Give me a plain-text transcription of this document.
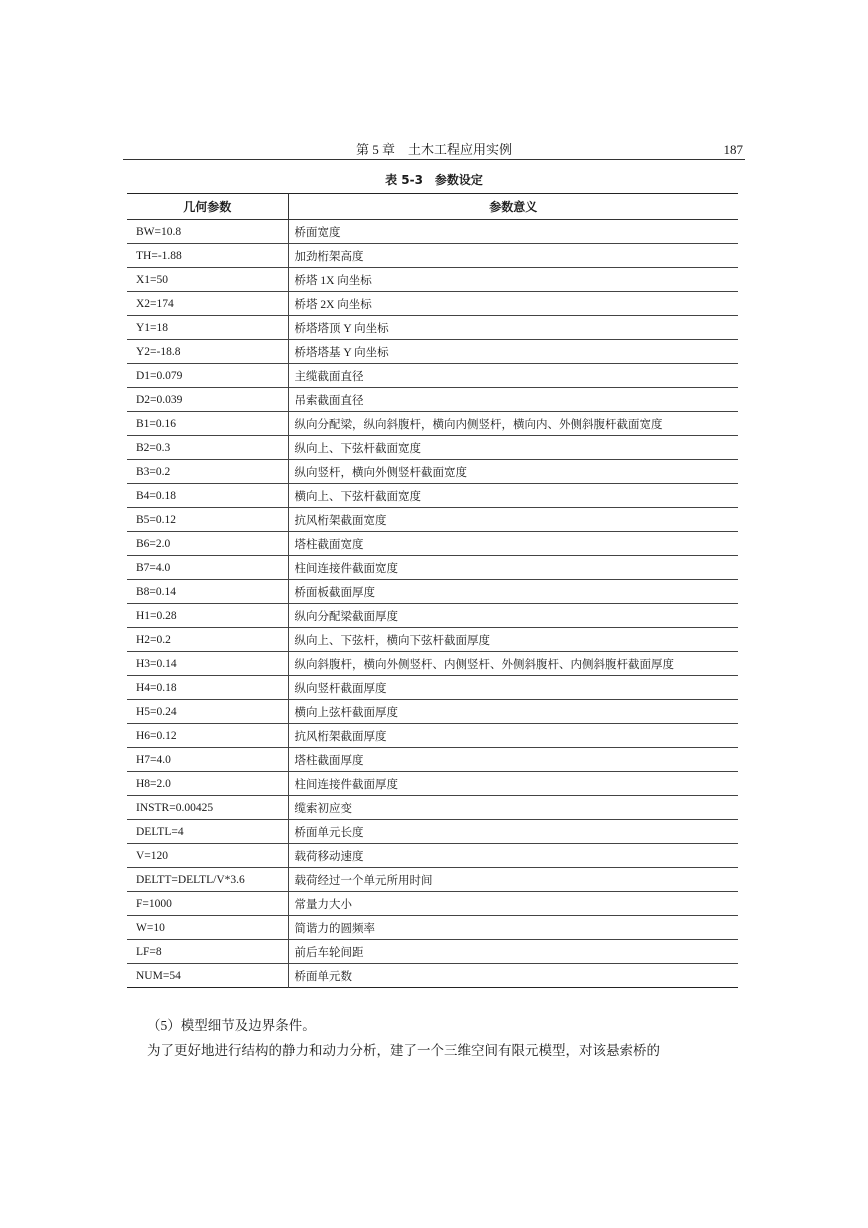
第 5 章　土木工程应用实例	187
表 5-3　参数设定
几何参数	参数意义
BW=10.8	桥面宽度
TH=-1.88	加劲桁架高度
X1=50	桥塔 1X 向坐标
X2=174	桥塔 2X 向坐标
Y1=18	桥塔塔顶 Y 向坐标
Y2=-18.8	桥塔塔基 Y 向坐标
D1=0.079	主缆截面直径
D2=0.039	吊索截面直径
B1=0.16	纵向分配梁，纵向斜腹杆，横向内侧竖杆，横向内、外侧斜腹杆截面宽度
B2=0.3	纵向上、下弦杆截面宽度
B3=0.2	纵向竖杆，横向外侧竖杆截面宽度
B4=0.18	横向上、下弦杆截面宽度
B5=0.12	抗风桁架截面宽度
B6=2.0	塔柱截面宽度
B7=4.0	柱间连接件截面宽度
B8=0.14	桥面板截面厚度
H1=0.28	纵向分配梁截面厚度
H2=0.2	纵向上、下弦杆，横向下弦杆截面厚度
H3=0.14	纵向斜腹杆，横向外侧竖杆、内侧竖杆、外侧斜腹杆、内侧斜腹杆截面厚度
H4=0.18	纵向竖杆截面厚度
H5=0.24	横向上弦杆截面厚度
H6=0.12	抗风桁架截面厚度
H7=4.0	塔柱截面厚度
H8=2.0	柱间连接件截面厚度
INSTR=0.00425	缆索初应变
DELTL=4	桥面单元长度
V=120	载荷移动速度
DELTT=DELTL/V*3.6	载荷经过一个单元所用时间
F=1000	常量力大小
W=10	简谐力的圆频率
LF=8	前后车轮间距
NUM=54	桥面单元数
（5）模型细节及边界条件。
为了更好地进行结构的静力和动力分析，建了一个三维空间有限元模型，对该悬索桥的
